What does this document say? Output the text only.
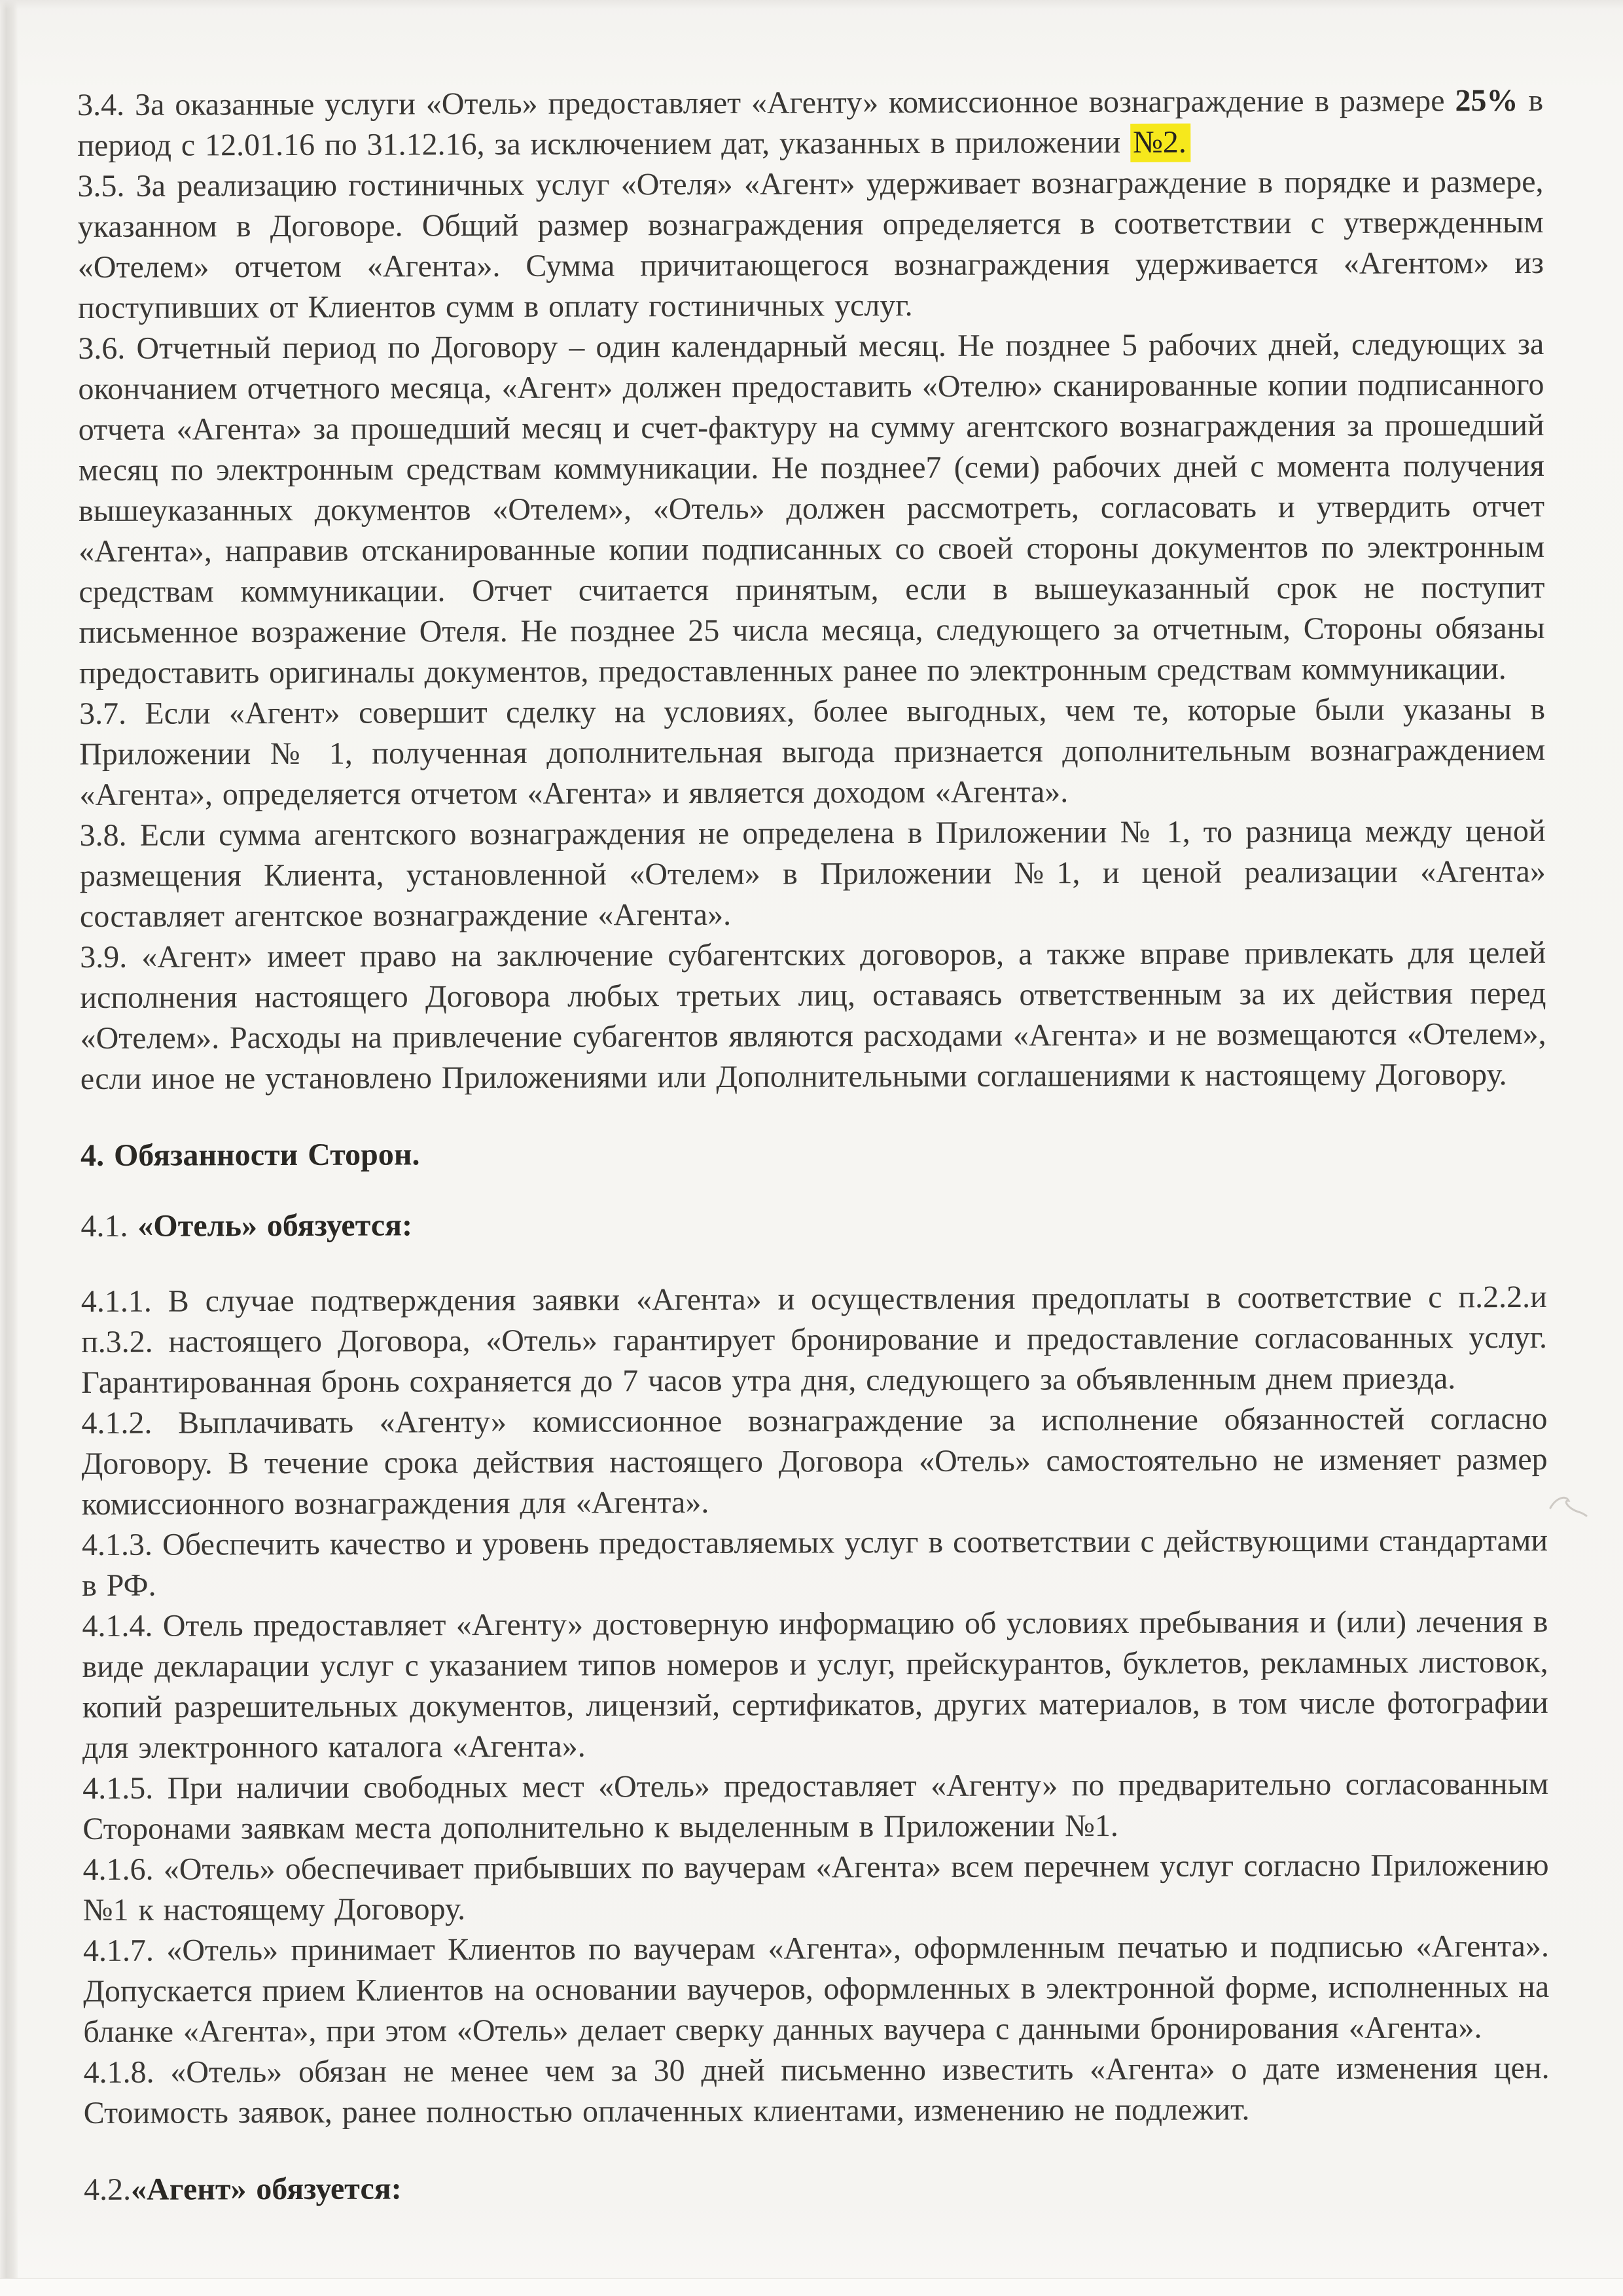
3.4. За оказанные услуги «Отель» предоставляет «Агенту» комиссионное вознаграждение в размере 25% в период с 12.01.16 по 31.12.16, за исключением дат, указанных в приложении №2.

3.5. За реализацию гостиничных услуг «Отеля» «Агент» удерживает вознаграждение в порядке и размере, указанном в Договоре. Общий размер вознаграждения определяется в соответствии с утвержденным «Отелем» отчетом «Агента». Сумма причитающегося вознаграждения удерживается «Агентом» из поступивших от Клиентов сумм в оплату гостиничных услуг.

3.6. Отчетный период по Договору – один календарный месяц. Не позднее 5 рабочих дней, следующих за окончанием отчетного месяца, «Агент» должен предоставить «Отелю» сканированные копии подписанного отчета «Агента» за прошедший месяц и счет-фактуру на сумму агентского вознаграждения за прошедший месяц по электронным средствам коммуникации. Не позднее7 (семи) рабочих дней с момента получения вышеуказанных документов «Отелем», «Отель» должен рассмотреть, согласовать и утвердить отчет «Агента», направив отсканированные копии подписанных со своей стороны документов по электронным средствам коммуникации. Отчет считается принятым, если в вышеуказанный срок не поступит письменное возражение Отеля. Не позднее 25 числа месяца, следующего за отчетным, Стороны обязаны предоставить оригиналы документов, предоставленных ранее по электронным средствам коммуникации.

3.7. Если «Агент» совершит сделку на условиях, более выгодных, чем те, которые были указаны в Приложении № 1, полученная дополнительная выгода признается дополнительным вознаграждением «Агента», определяется отчетом «Агента» и является доходом «Агента».

3.8. Если сумма агентского вознаграждения не определена в Приложении № 1, то разница между ценой размещения Клиента, установленной «Отелем» в Приложении №1, и ценой реализации «Агента» составляет агентское вознаграждение «Агента».

3.9. «Агент» имеет право на заключение субагентских договоров, а также вправе привлекать для целей исполнения настоящего Договора любых третьих лиц, оставаясь ответственным за их действия перед «Отелем». Расходы на привлечение субагентов являются расходами «Агента» и не возмещаются «Отелем», если иное не установлено Приложениями или Дополнительными соглашениями к настоящему Договору.

4. Обязанности Сторон.

4.1. «Отель» обязуется:

4.1.1. В случае подтверждения заявки «Агента» и осуществления предоплаты в соответствие с п.2.2.и п.3.2. настоящего Договора, «Отель» гарантирует бронирование и предоставление согласованных услуг. Гарантированная бронь сохраняется до 7 часов утра дня, следующего за объявленным днем приезда.

4.1.2. Выплачивать «Агенту» комиссионное вознаграждение за исполнение обязанностей согласно Договору. В течение срока действия настоящего Договора «Отель» самостоятельно не изменяет размер комиссионного вознаграждения для «Агента».

4.1.3. Обеспечить качество и уровень предоставляемых услуг в соответствии с действующими стандартами в РФ.

4.1.4. Отель предоставляет «Агенту» достоверную информацию об условиях пребывания и (или) лечения в виде декларации услуг с указанием типов номеров и услуг, прейскурантов, буклетов, рекламных листовок, копий разрешительных документов, лицензий, сертификатов, других материалов, в том числе фотографии для электронного каталога «Агента».

4.1.5. При наличии свободных мест «Отель» предоставляет «Агенту» по предварительно согласованным Сторонами заявкам места дополнительно к выделенным в Приложении №1.

4.1.6. «Отель» обеспечивает прибывших по ваучерам «Агента» всем перечнем услуг согласно Приложению №1 к настоящему Договору.

4.1.7. «Отель» принимает Клиентов по ваучерам «Агента», оформленным печатью и подписью «Агента». Допускается прием Клиентов на основании ваучеров, оформленных в электронной форме, исполненных на бланке «Агента», при этом «Отель» делает сверку данных ваучера с данными бронирования «Агента».

4.1.8. «Отель» обязан не менее чем за 30 дней письменно известить «Агента» о дате изменения цен. Стоимость заявок, ранее полностью оплаченных клиентами, изменению не подлежит.

4.2.«Агент» обязуется:
